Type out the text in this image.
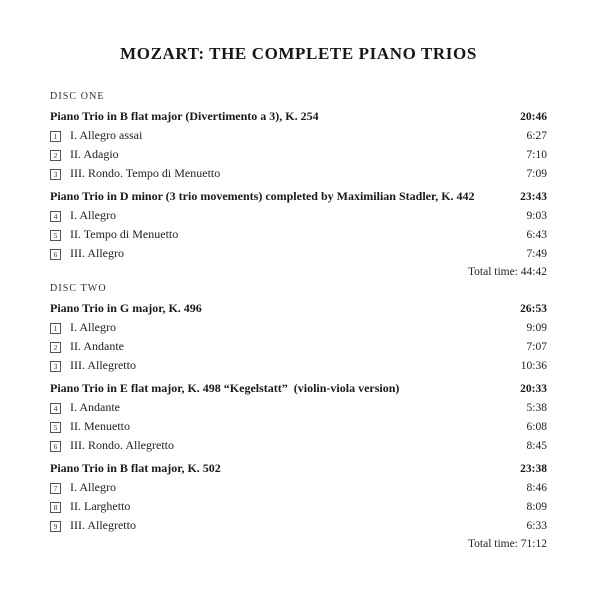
MOZART: THE COMPLETE PIANO TRIOS
DISC ONE
Piano Trio in B flat major (Divertimento a 3), K. 254	20:46
1	I. Allegro assai	6:27
2	II. Adagio	7:10
3	III. Rondo. Tempo di Menuetto	7:09
Piano Trio in D minor (3 trio movements) completed by Maximilian Stadler, K. 442	23:43
4	I. Allegro	9:03
5	II. Tempo di Menuetto	6:43
6	III. Allegro	7:49
Total time: 44:42
DISC TWO
Piano Trio in G major, K. 496	26:53
1	I. Allegro	9:09
2	II. Andante	7:07
3	III. Allegretto	10:36
Piano Trio in E flat major, K. 498 “Kegelstatt”  (violin-viola version)	20:33
4	I. Andante	5:38
5	II. Menuetto	6:08
6	III. Rondo. Allegretto	8:45
Piano Trio in B flat major, K. 502	23:38
7	I. Allegro	8:46
8	II. Larghetto	8:09
9	III. Allegretto	6:33
Total time: 71:12
